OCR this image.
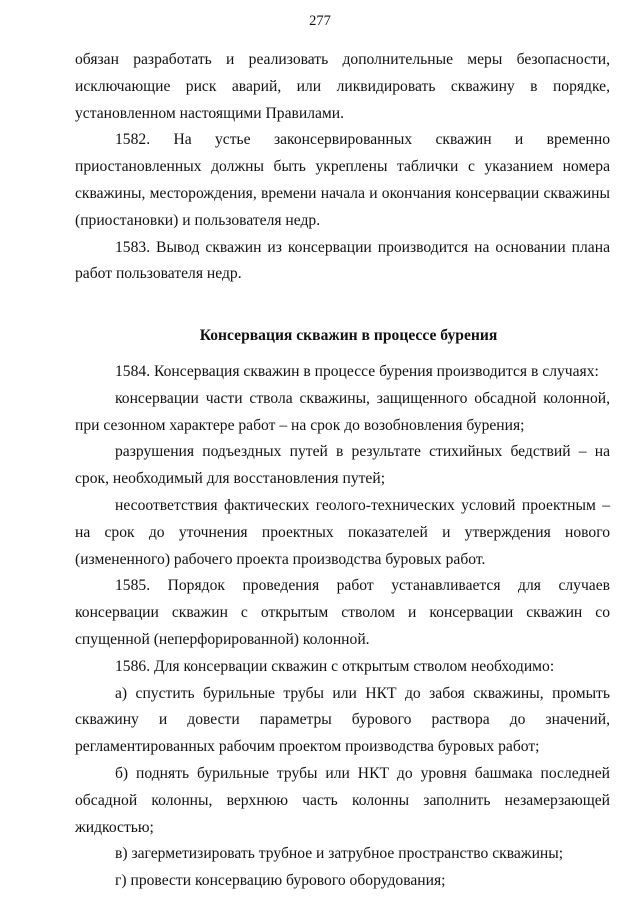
277

обязан разработать и реализовать дополнительные меры безопасности, исключающие риск аварий, или ликвидировать скважину в порядке, установленном настоящими Правилами.

1582. На устье законсервированных скважин и временно приостановленных должны быть укреплены таблички с указанием номера скважины, месторождения, времени начала и окончания консервации скважины (приостановки) и пользователя недр.

1583. Вывод скважин из консервации производится на основании плана работ пользователя недр.

Консервация скважин в процессе бурения

1584. Консервация скважин в процессе бурения производится в случаях:

консервации части ствола скважины, защищенного обсадной колонной, при сезонном характере работ – на срок до возобновления бурения;

разрушения подъездных путей в результате стихийных бедствий – на срок, необходимый для восстановления путей;

несоответствия фактических геолого-технических условий проектным – на срок до уточнения проектных показателей и утверждения нового (измененного) рабочего проекта производства буровых работ.

1585. Порядок проведения работ устанавливается для случаев консервации скважин с открытым стволом и консервации скважин со спущенной (неперфорированной) колонной.

1586. Для консервации скважин с открытым стволом необходимо:

а) спустить бурильные трубы или НКТ до забоя скважины, промыть скважину и довести параметры бурового раствора до значений, регламентированных рабочим проектом производства буровых работ;

б) поднять бурильные трубы или НКТ до уровня башмака последней обсадной колонны, верхнюю часть колонны заполнить незамерзающей жидкостью;

в) загерметизировать трубное и затрубное пространство скважины;

г) провести консервацию бурового оборудования;
